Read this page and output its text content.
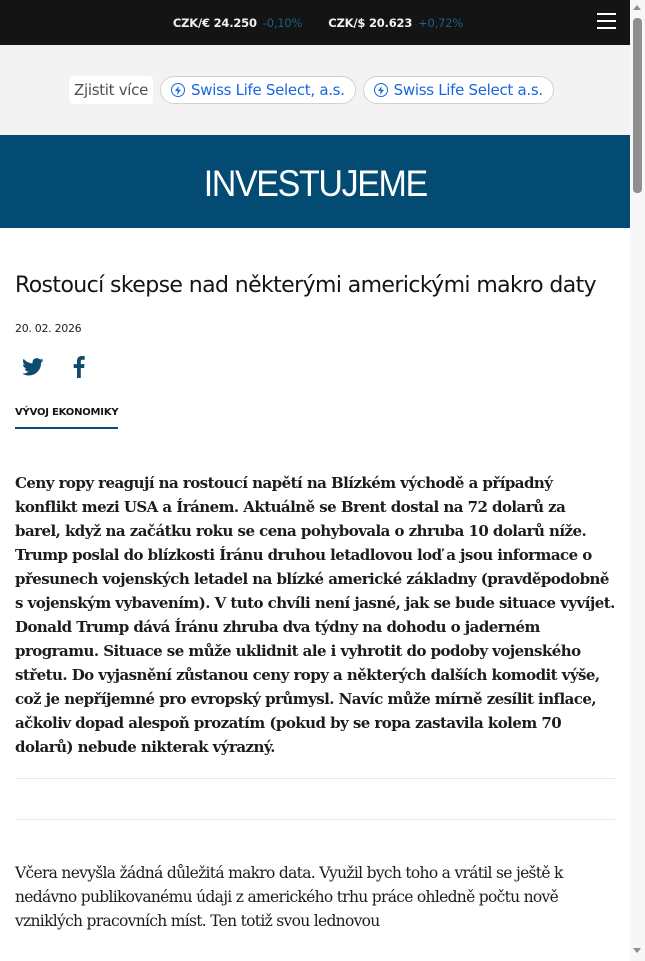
CZK/€ 24.250 -0,10% CZK/$ 20.623 +0,72%
Zjistit více	Swiss Life Select, a.s.	Swiss Life Select a.s.
INVESTUJEME
Rostoucí skepse nad některými americkými makro daty
20. 02. 2026
VÝVOJ EKONOMIKY

Ceny ropy reagují na rostoucí napětí na Blízkém východě a případný konflikt mezi USA a Íránem. Aktuálně se Brent dostal na 72 dolarů za barel, když na začátku roku se cena pohybovala o zhruba 10 dolarů níže. Trump poslal do blízkosti Íránu druhou letadlovou loď a jsou informace o přesunech vojenských letadel na blízké americké základny (pravděpodobně s vojenským vybavením). V tuto chvíli není jasné, jak se bude situace vyvíjet. Donald Trump dává Íránu zhruba dva týdny na dohodu o jaderném programu. Situace se může uklidnit ale i vyhrotit do podoby vojenského střetu. Do vyjasnění zůstanou ceny ropy a některých dalších komodit výše, což je nepříjemné pro evropský průmysl. Navíc může mírně zesílit inflace, ačkoliv dopad alespoň prozatím (pokud by se ropa zastavila kolem 70 dolarů) nebude nikterak výrazný.

Včera nevyšla žádná důležitá makro data. Využil bych toho a vrátil se ještě k nedávno publikovanému údaji z amerického trhu práce ohledně počtu nově vzniklých pracovních míst. Ten totiž svou lednovou
